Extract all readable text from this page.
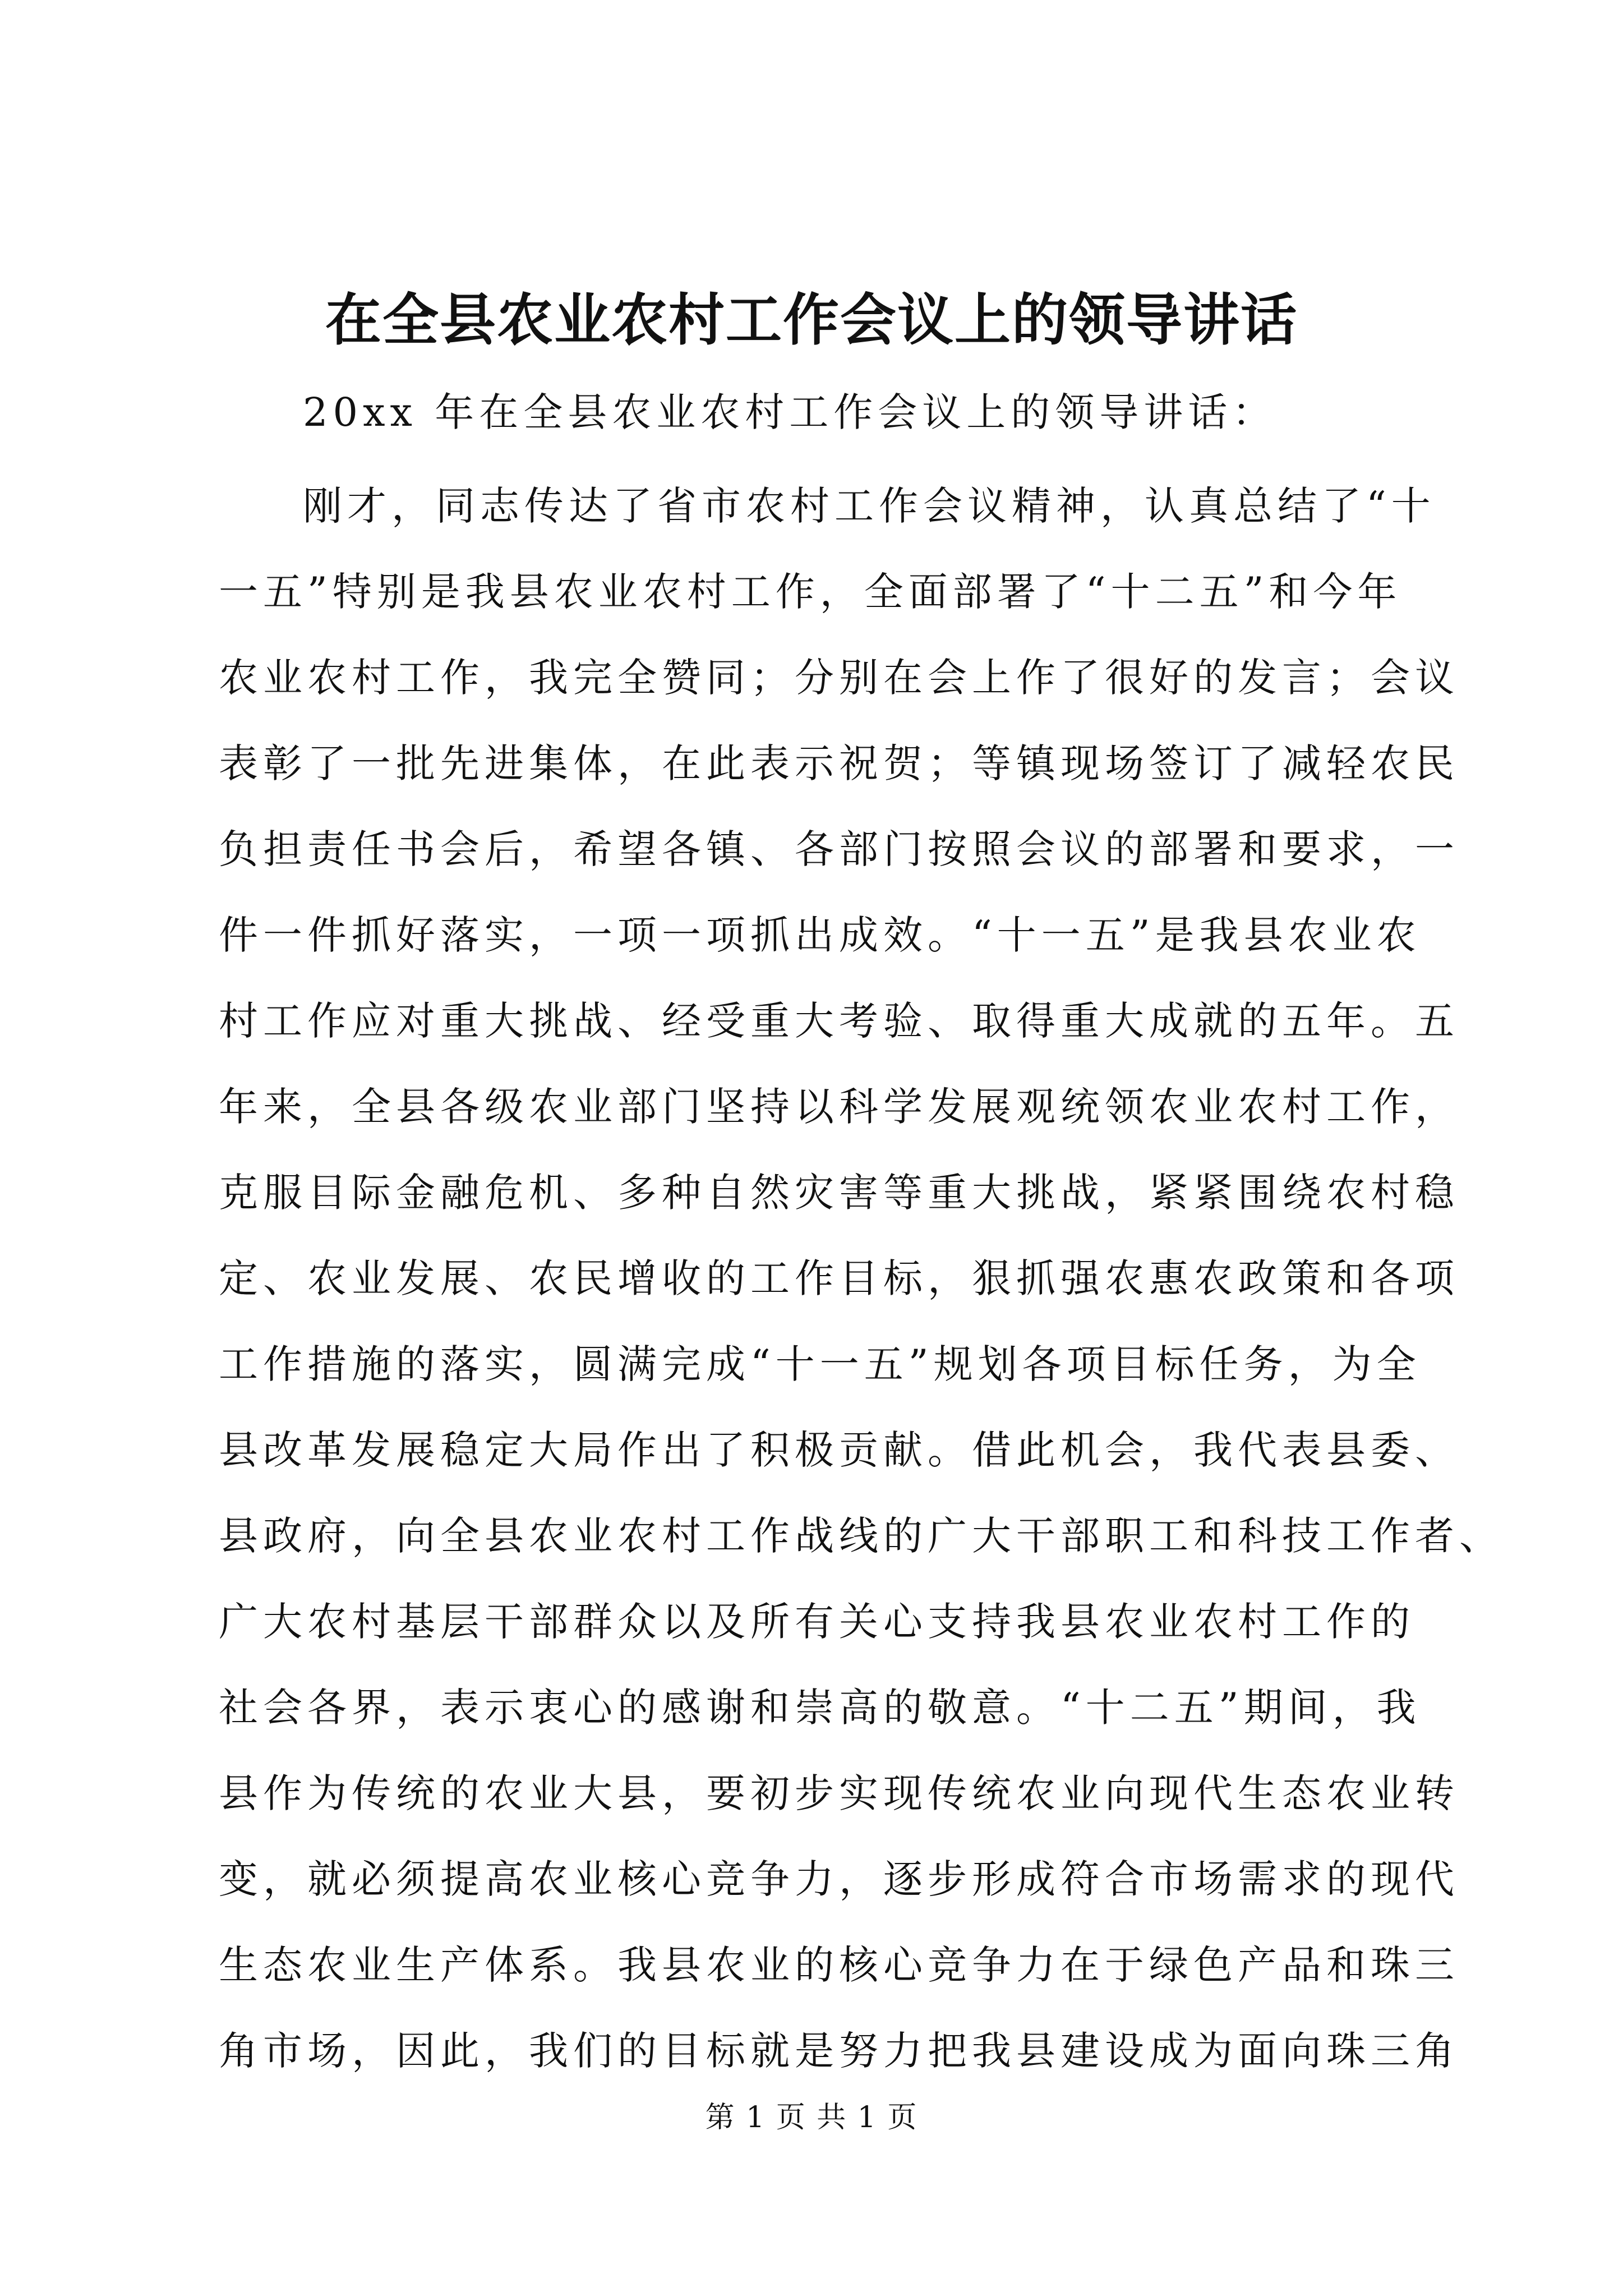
在全县农业农村工作会议上的领导讲话

20xx 年在全县农业农村工作会议上的领导讲话：

刚才，同志传达了省市农村工作会议精神，认真总结了“十

一五”特别是我县农业农村工作，全面部署了“十二五”和今年

农业农村工作，我完全赞同；分别在会上作了很好的发言；会议

表彰了一批先进集体，在此表示祝贺；等镇现场签订了减轻农民

负担责任书会后，希望各镇、各部门按照会议的部署和要求，一

件一件抓好落实，一项一项抓出成效。“十一五”是我县农业农

村工作应对重大挑战、经受重大考验、取得重大成就的五年。五

年来，全县各级农业部门坚持以科学发展观统领农业农村工作，

克服目际金融危机、多种自然灾害等重大挑战，紧紧围绕农村稳

定、农业发展、农民增收的工作目标，狠抓强农惠农政策和各项

工作措施的落实，圆满完成“十一五”规划各项目标任务，为全

县改革发展稳定大局作出了积极贡献。借此机会，我代表县委、

县政府，向全县农业农村工作战线的广大干部职工和科技工作者、

广大农村基层干部群众以及所有关心支持我县农业农村工作的

社会各界，表示衷心的感谢和崇高的敬意。“十二五”期间，我

县作为传统的农业大县，要初步实现传统农业向现代生态农业转

变，就必须提高农业核心竞争力，逐步形成符合市场需求的现代

生态农业生产体系。我县农业的核心竞争力在于绿色产品和珠三

角市场，因此，我们的目标就是努力把我县建设成为面向珠三角

第 1 页 共 1 页
